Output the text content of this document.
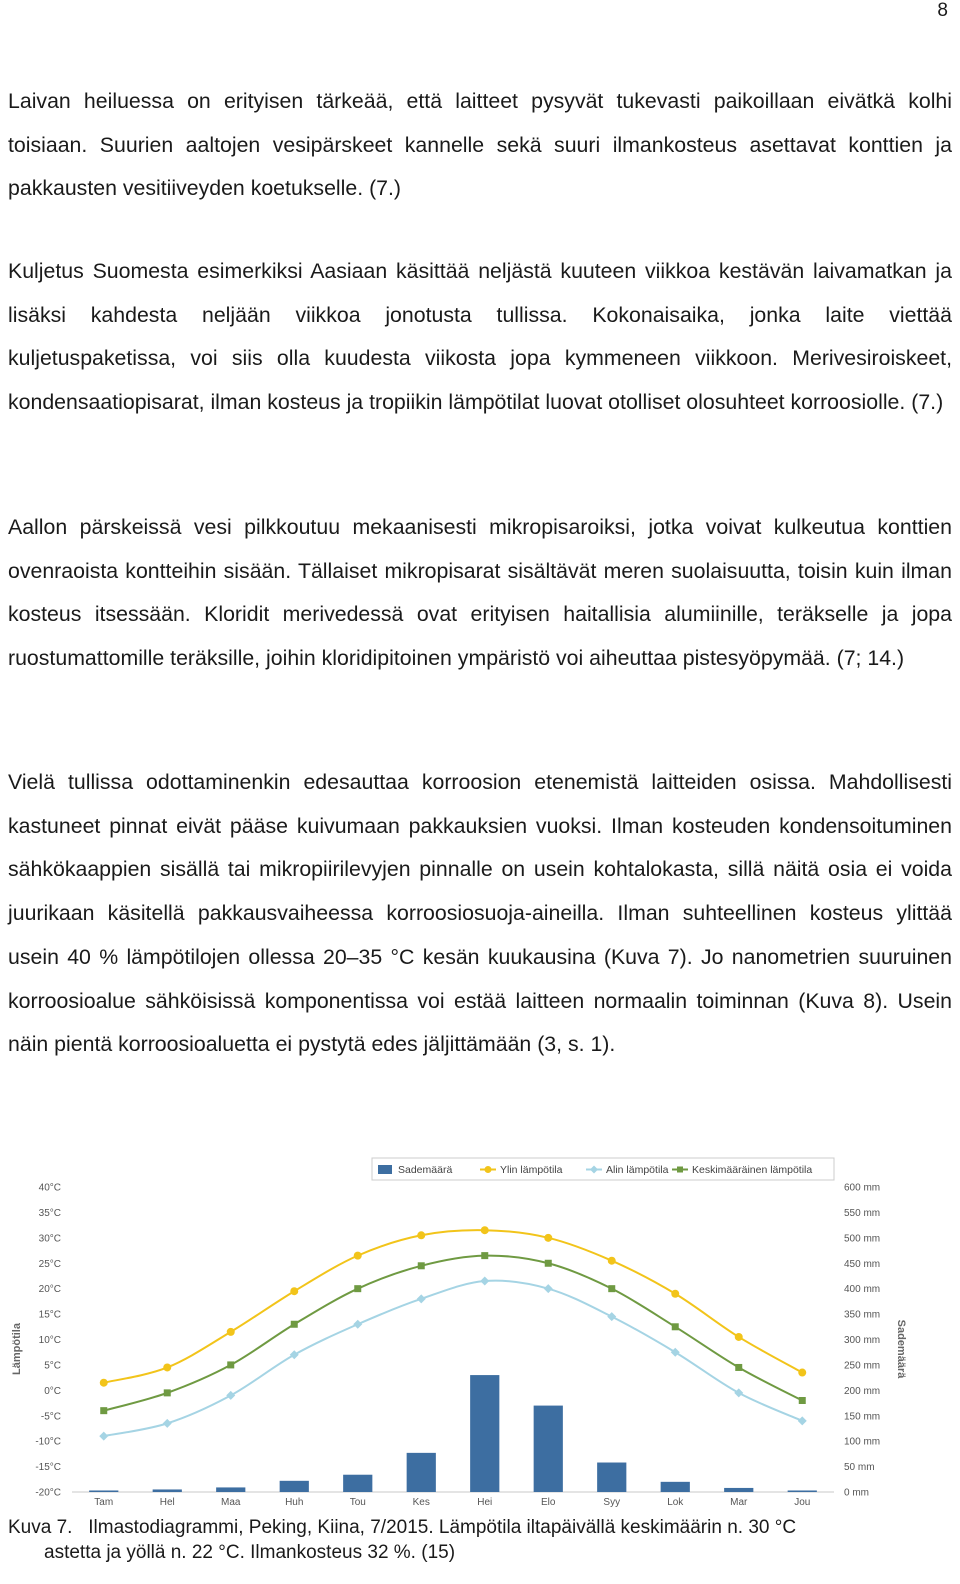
8

Laivan heiluessa on erityisen tärkeää, että laitteet pysyvät tukevasti paikoillaan eivätkä kolhi toisiaan. Suurien aaltojen vesipärskeet kannelle sekä suuri ilmankosteus asettavat konttien ja pakkausten vesitiiveyden koetukselle. (7.)

Kuljetus Suomesta esimerkiksi Aasiaan käsittää neljästä kuuteen viikkoa kestävän laivamatkan ja lisäksi kahdesta neljään viikkoa jonotusta tullissa. Kokonaisaika, jonka laite viettää kuljetuspaketissa, voi siis olla kuudesta viikosta jopa kymmeneen viikkoon. Merivesiroiskeet, kondensaatiopisarat, ilman kosteus ja tropiikin lämpötilat luovat otolliset olosuhteet korroosiolle. (7.)

Aallon pärskeissä vesi pilkkoutuu mekaanisesti mikropisaroiksi, jotka voivat kulkeutua konttien ovenraoista kontteihin sisään. Tällaiset mikropisarat sisältävät meren suolaisuutta, toisin kuin ilman kosteus itsessään. Kloridit merivedessä ovat erityisen haitallisia alumiinille, teräkselle ja jopa ruostumattomille teräksille, joihin kloridipitoinen ympäristö voi aiheuttaa pistesyöpymää. (7; 14.)

Vielä tullissa odottaminenkin edesauttaa korroosion etenemistä laitteiden osissa. Mahdollisesti kastuneet pinnat eivät pääse kuivumaan pakkauksien vuoksi. Ilman kosteuden kondensoituminen sähkökaappien sisällä tai mikropiirilevyjen pinnalle on usein kohtalokasta, sillä näitä osia ei voida juurikaan käsitellä pakkausvaiheessa korroosiosuoja-aineilla. Ilman suhteellinen kosteus ylittää usein 40 % lämpötilojen ollessa 20–35 °C kesän kuukausina (Kuva 7). Jo nanometrien suuruinen korroosioalue sähköisissä komponentissa voi estää laitteen normaalin toiminnan (Kuva 8). Usein näin pientä korroosioaluetta ei pystytä edes jäljittämään (3, s. 1).

Sademäärä	Ylin lämpötila	Alin lämpötila Keskimääräinen lämpötila
-20°C
-15°C
-10°C
-5°C
0°C
5°C
10°C
15°C
20°C
25°C
30°C
35°C
40°C
0 mm
50 mm
100 mm
150 mm
200 mm
250 mm
300 mm
350 mm
400 mm
450 mm
500 mm
550 mm
600 mm
Lämpötila	Sademäärä
Tam	Hel	Maa	Huh	Tou	Kes	Hei	Elo	Syy	Lok	Mar	Jou
Kuva 7. Ilmastodiagrammi, Peking, Kiina, 7/2015. Lämpötila iltapäivällä keskimäärin n. 30 °C
astetta ja yöllä n. 22 °C. Ilmankosteus 32 %. (15)
